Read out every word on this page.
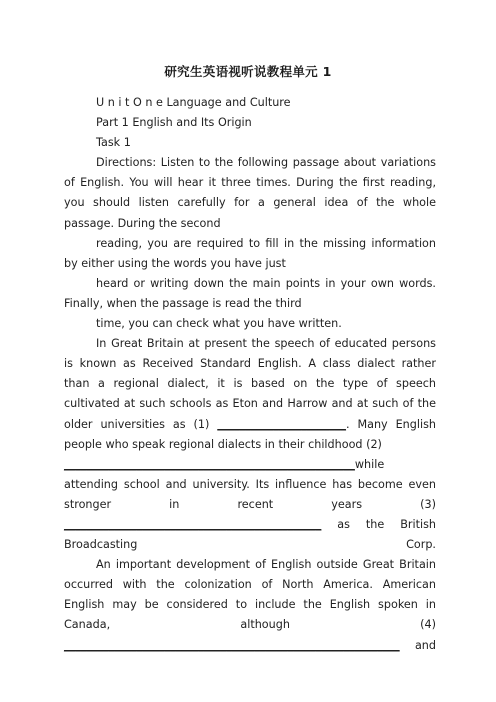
研究生英语视听说教程单元 1

U n i t O n e Language and Culture

Part 1 English and Its Origin

Task 1

Directions: Listen to the following passage about variations of English. You will hear it three times. During the first reading, you should listen carefully for a general idea of the whole passage. During the second

reading, you are required to fill in the missing information by either using the words you have just

heard or writing down the main points in your own words. Finally, when the passage is read the third

time, you can check what you have written.

In Great Britain at present the speech of educated persons is known as Received Standard English. A class dialect rather than a regional dialect, it is based on the type of speech cultivated at such schools as Eton and Harrow and at such of the older universities as (1) _______________________. Many English people who speak regional dialects in their childhood (2)

____________________________________________________while

attending school and university. Its influence has become even stronger in recent years (3)

______________________________________________ as the British Broadcasting Corp.

An important development of English outside Great Britain occurred with the colonization of North America. American English may be considered to include the English spoken in Canada, although (4)

____________________________________________________________ and
